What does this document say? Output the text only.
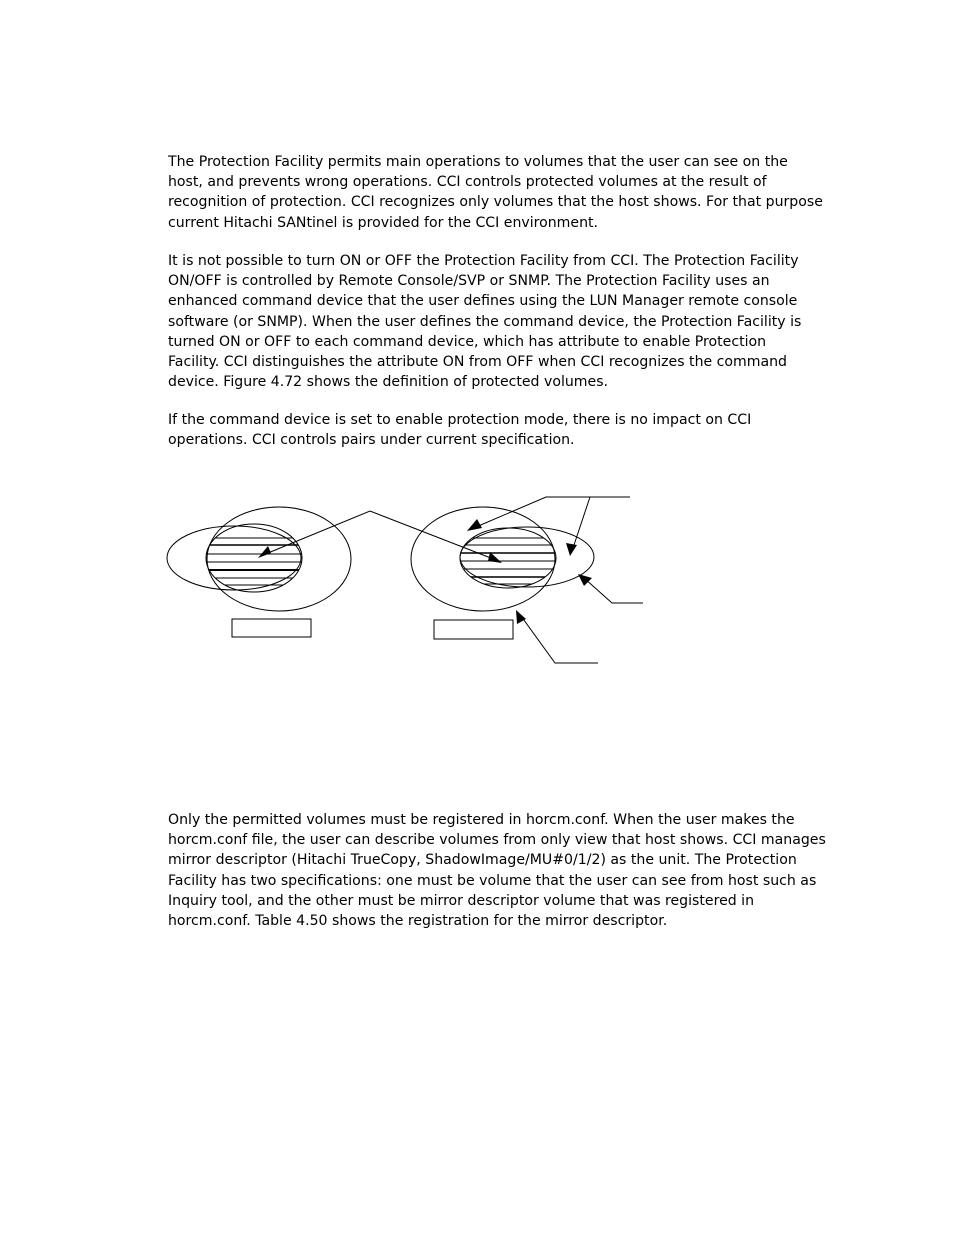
The Protection Facility permits main operations to volumes that the user can see on the
host, and prevents wrong operations. CCI controls protected volumes at the result of
recognition of protection. CCI recognizes only volumes that the host shows. For that purpose
current Hitachi SANtinel is provided for the CCI environment.

It is not possible to turn ON or OFF the Protection Facility from CCI. The Protection Facility
ON/OFF is controlled by Remote Console/SVP or SNMP. The Protection Facility uses an
enhanced command device that the user defines using the LUN Manager remote console
software (or SNMP). When the user defines the command device, the Protection Facility is
turned ON or OFF to each command device, which has attribute to enable Protection
Facility. CCI distinguishes the attribute ON from OFF when CCI recognizes the command
device. Figure 4.72 shows the definition of protected volumes.

If the command device is set to enable protection mode, there is no impact on CCI
operations. CCI controls pairs under current specification.

Only the permitted volumes must be registered in horcm.conf. When the user makes the
horcm.conf file, the user can describe volumes from only view that host shows. CCI manages
mirror descriptor (Hitachi TrueCopy, ShadowImage/MU#0/1/2) as the unit. The Protection
Facility has two specifications: one must be volume that the user can see from host such as
Inquiry tool, and the other must be mirror descriptor volume that was registered in
horcm.conf. Table 4.50 shows the registration for the mirror descriptor.
